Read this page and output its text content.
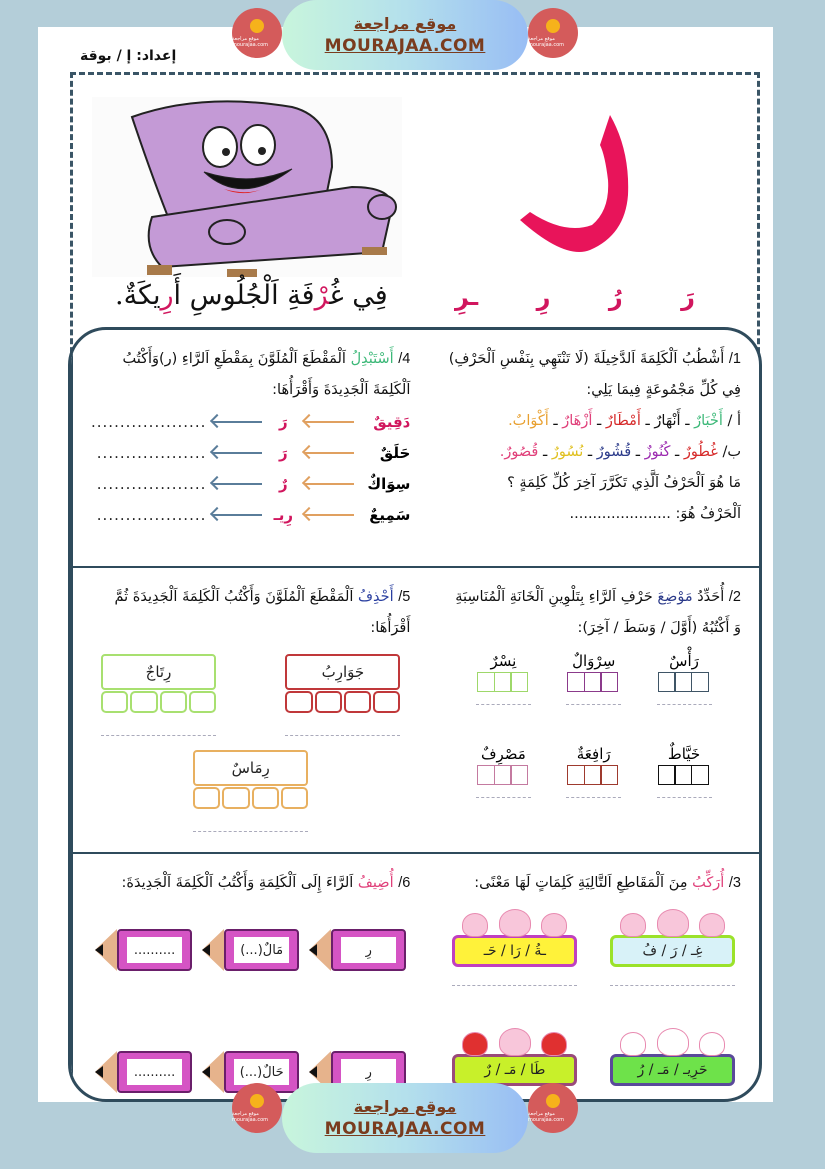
موقع مراجعة mourajaa.com
موقع مراجعة
MOURAJAA.COM	موقع مراجعة mourajaa.com
إعداد: إ / بوقة
رَ
رُ
رِ
ـرِ
فِي غُرْفَةِ اَلْجُلُوسِ أَرِيكَةٌ.
1/ أَشْطُبُ اَلْكَلِمَةَ اَلدَّخِيلَةَ (لَا تَنْتَهِي بِنَفْسِ اَلْحَرْفِ)
فِي كُلِّ مَجْمُوعَةٍ فِيمَا يَلِي:
أ / أَخْبَارٌ ـ أَنْهَارٌ ـ أَمْطَارٌ ـ أَزْهَارٌ ـ أَكْوَابٌ.
ب/ غُطُورٌ ـ كُنُوزٌ ـ قُشُورٌ ـ نُسُورٌ ـ قُصُورٌ.
مَا هُوَ اَلْحَرْفُ اَلَّذِي تَكَرَّرَ آخِرَ كُلِّ كَلِمَةٍ ؟
اَلْحَرْفُ هُوَ: ......................
4/ أَسْتَبْدِلُ اَلْمَقْطَعَ اَلْمُلَوَّنَ بِمَقْطَعِ اَلرَّاءِ (ر)وَأَكْتُبُ
اَلْكَلِمَةَ اَلْجَدِيدَةَ وَأَقْرَأُهَا:
دَقِيقٌ
رَ
....................
حَلَقٌ
رَ
...................
سِوَاكٌ
رٌ
...................
سَمِيعٌ
رِيـ
...................
2/ أُحَدِّدُ مَوْضِعَ حَرْفِ اَلرَّاءِ بِتَلْوِينِ اَلْخَانَةِ اَلْمُنَاسِبَةِ
وَ أَكْتُبُهُ (أَوَّلَ / وَسَطَ / آخِرَ):
رَأْسٌ
سِرْوَالٌ
نِسْرٌ
خَيَّاطٌ
رَافِعَةٌ
مَصْرِفٌ
5/ أَحْذِفُ اَلْمَقْطَعَ اَلْمُلَوَّنَ وَأَكْتُبُ اَلْكَلِمَةَ اَلْجَدِيدَةَ ثُمَّ
أَقْرَأُهَا:
جَوَارِبُ
رِتَاجٌ
رِمَاسٌ
3/ أُرَكِّبُ مِنَ اَلْمَقَاطِعِ اَلتَّالِيَةِ كَلِمَاتٍ لَهَا مَعْنًى:
غِـ / رَ / فُ
ـةُ / رَا / حَـ
حَرِيـ / مَـ / رُ
طَا / مَـ / رٌ
6/ أُضِيفُ اَلرَّاءَ إِلَى اَلْكَلِمَةِ وَأَكْتُبُ اَلْكَلِمَةَ اَلْجَدِيدَةَ:
رِ
(...)مَالٌ
..........
رِ
(...)حَالٌ
..........
موقع مراجعة mourajaa.com
موقع مراجعة
MOURAJAA.COM
موقع مراجعة mourajaa.com
